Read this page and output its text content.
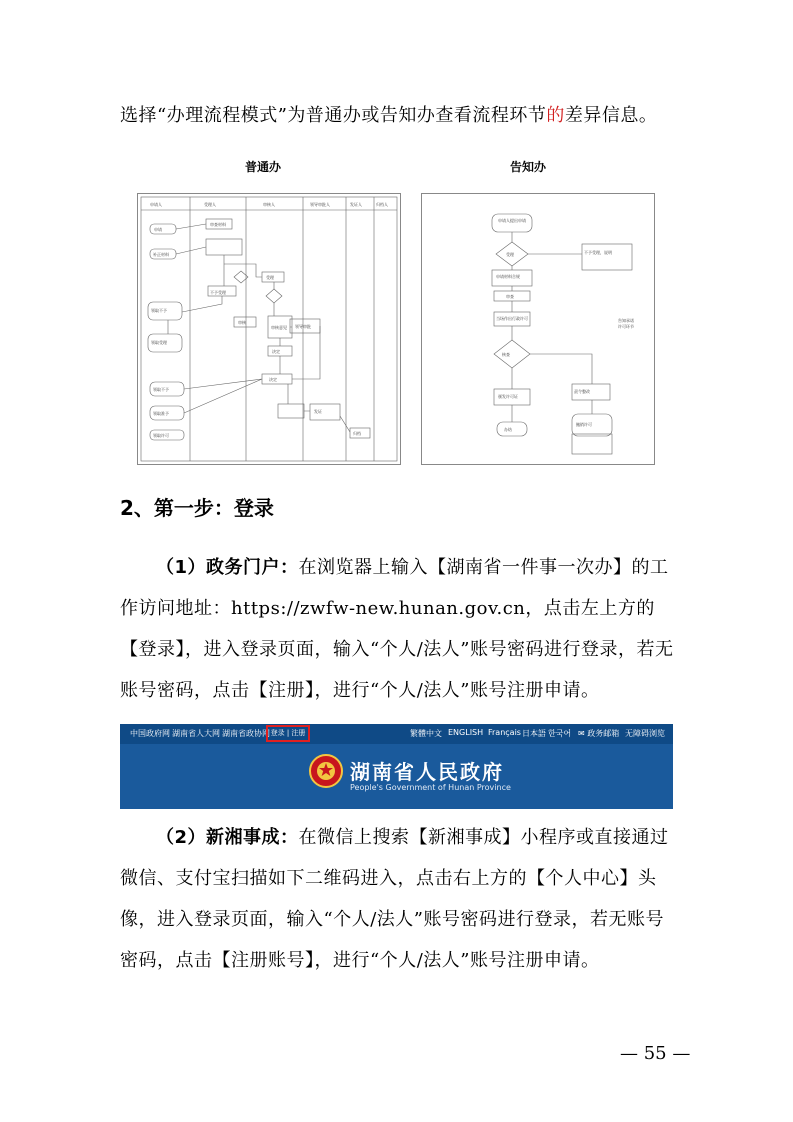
选择“办理流程模式”为普通办或告知办查看流程环节的差异信息。
普通办	告知办
申请人	受理人	审核人	领导审批人	发证人	归档人
申请
补正材料
审查材料
不予受理
领取不予
领取受理
审核
受理
审核意见
决定
决定
领导审批
发证
归档
领取不予
领取准予
领取许可
申请人提出申请
受理	不予受理，说明
申请材料合规
审查
当场作出行政许可
核查
颁发许可证
责令整改
办结
撤销许可
告知承诺
许可环节
2、第一步：登录
（1）政务门户：在浏览器上输入【湖南省一件事一次办】的工作访问地址：https://zwfw-new.hunan.gov.cn，点击左上方的【登录】，进入登录页面，输入“个人/法人”账号密码进行登录，若无账号密码，点击【注册】，进行“个人/法人”账号注册申请。
中国政府网 湖南省人大网 湖南省政协网 登录 | 注册	繁體中文 ENGLISH Français 日本語 한국어 ✉ 政务邮箱 无障碍浏览
湖南省人民政府
People's Government of Hunan Province
（2）新湘事成：在微信上搜索【新湘事成】小程序或直接通过微信、支付宝扫描如下二维码进入，点击右上方的【个人中心】头像，进入登录页面，输入“个人/法人”账号密码进行登录，若无账号密码，点击【注册账号】，进行“个人/法人”账号注册申请。
— 55 —
